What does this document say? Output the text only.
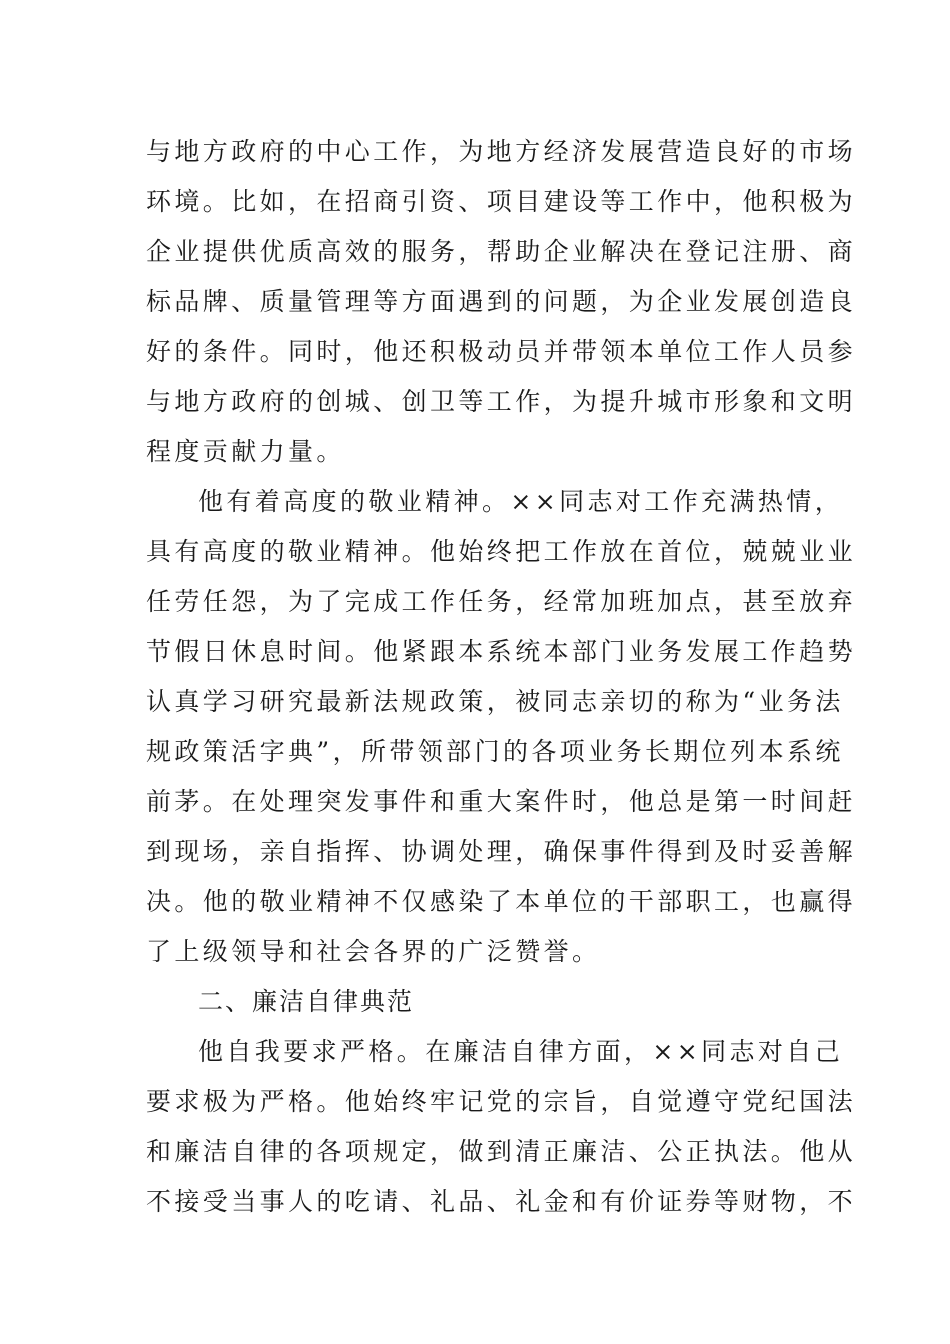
与地方政府的中心工作，为地方经济发展营造良好的市场
环境。比如，在招商引资、项目建设等工作中，他积极为
企业提供优质高效的服务，帮助企业解决在登记注册、商
标品牌、质量管理等方面遇到的问题，为企业发展创造良
好的条件。同时，他还积极动员并带领本单位工作人员参
与地方政府的创城、创卫等工作，为提升城市形象和文明
程度贡献力量。
他有着高度的敬业精神。××同志对工作充满热情，
具有高度的敬业精神。他始终把工作放在首位，兢兢业业
任劳任怨，为了完成工作任务，经常加班加点，甚至放弃
节假日休息时间。他紧跟本系统本部门业务发展工作趋势
认真学习研究最新法规政策，被同志亲切的称为“业务法
规政策活字典”，所带领部门的各项业务长期位列本系统
前茅。在处理突发事件和重大案件时，他总是第一时间赶
到现场，亲自指挥、协调处理，确保事件得到及时妥善解
决。他的敬业精神不仅感染了本单位的干部职工，也赢得
了上级领导和社会各界的广泛赞誉。
二、廉洁自律典范
他自我要求严格。在廉洁自律方面，××同志对自己
要求极为严格。他始终牢记党的宗旨，自觉遵守党纪国法
和廉洁自律的各项规定，做到清正廉洁、公正执法。他从
不接受当事人的吃请、礼品、礼金和有价证券等财物，不
